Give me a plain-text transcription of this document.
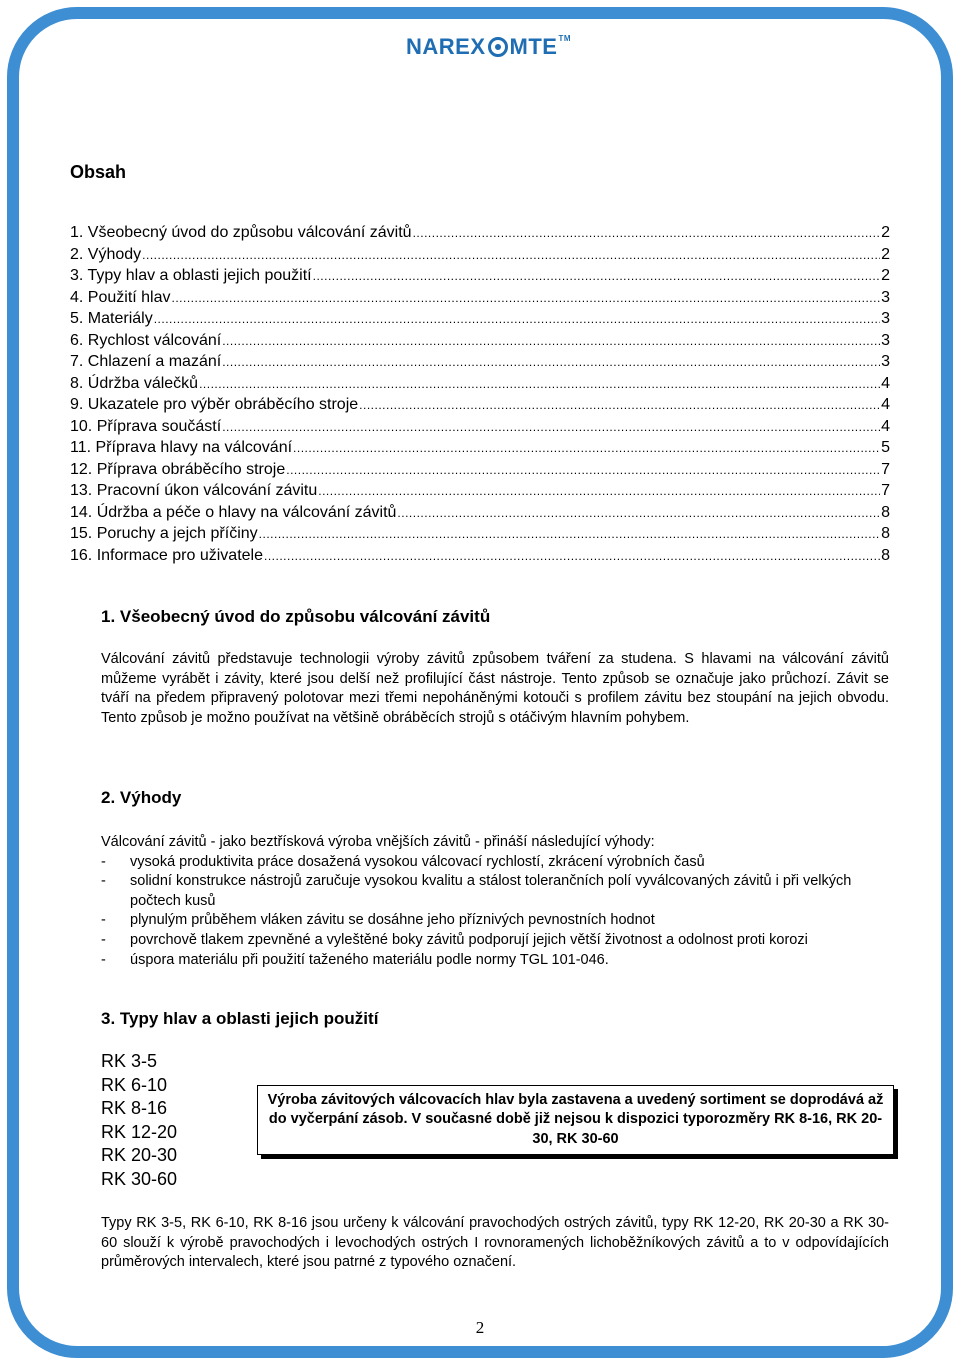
NAREX MTE TM
Obsah
1. Všeobecný úvod do způsobu válcování závitů .....	2
2. Výhody .....	2
3. Typy hlav a oblasti jejich použití .....	2
4. Použití hlav .....	3
5. Materiály .....	3
6. Rychlost válcování .....	3
7. Chlazení a mazání .....	3
8. Údržba válečků .....	4
9. Ukazatele pro výběr obráběcího stroje .....	4
10. Příprava součástí .....	4
11. Příprava hlavy na válcování .....	5
12. Příprava obráběcího stroje .....	7
13. Pracovní úkon válcování závitu .....	7
14. Údržba a péče o hlavy na válcování závitů .....	8
15. Poruchy a jejch příčiny .....	8
16. Informace pro uživatele .....	8
1. Všeobecný úvod do způsobu válcování závitů
Válcování závitů představuje technologii výroby závitů způsobem tváření za studena. S hlavami na válcování závitů můžeme vyrábět i závity, které jsou delší než profilující část nástroje. Tento způsob se označuje jako průchozí. Závit se tváří na předem připravený polotovar mezi třemi nepoháněnými kotouči s profilem závitu bez stoupání na jejich obvodu. Tento způsob je možno používat na většině obráběcích strojů s otáčivým hlavním pohybem.
2. Výhody

Válcování závitů - jako beztřísková výroba vnějších závitů - přináší následující výhody:

-	vysoká produktivita práce dosažená vysokou válcovací rychlostí, zkrácení výrobních časů
-	solidní konstrukce nástrojů zaručuje vysokou kvalitu a stálost tolerančních polí vyválcovaných závitů i při velkých počtech kusů
-	plynulým průběhem vláken závitu se dosáhne jeho příznivých pevnostních hodnot
-	povrchově tlakem zpevněné a vyleštěné boky závitů podporují jejich větší životnost a odolnost proti korozi
-	úspora materiálu při použití taženého materiálu podle normy TGL 101-046.
3. Typy hlav a oblasti jejich použití
RK 3-5
RK 6-10
RK 8-16
RK 12-20
RK 20-30
RK 30-60
Výroba závitových válcovacích hlav byla zastavena a uvedený sortiment se doprodává až do vyčerpání zásob. V současné době již nejsou k dispozici typorozměry RK 8-16, RK 20-30, RK 30-60
Typy RK 3-5, RK 6-10, RK 8-16 jsou určeny k válcování pravochodých ostrých závitů, typy RK 12-20, RK 20-30 a RK 30-60 slouží k výrobě pravochodých i levochodých ostrých I rovnoramených lichoběžníkových závitů a to v odpovídajících průměrových intervalech, které jsou patrné z typového označení.
2
